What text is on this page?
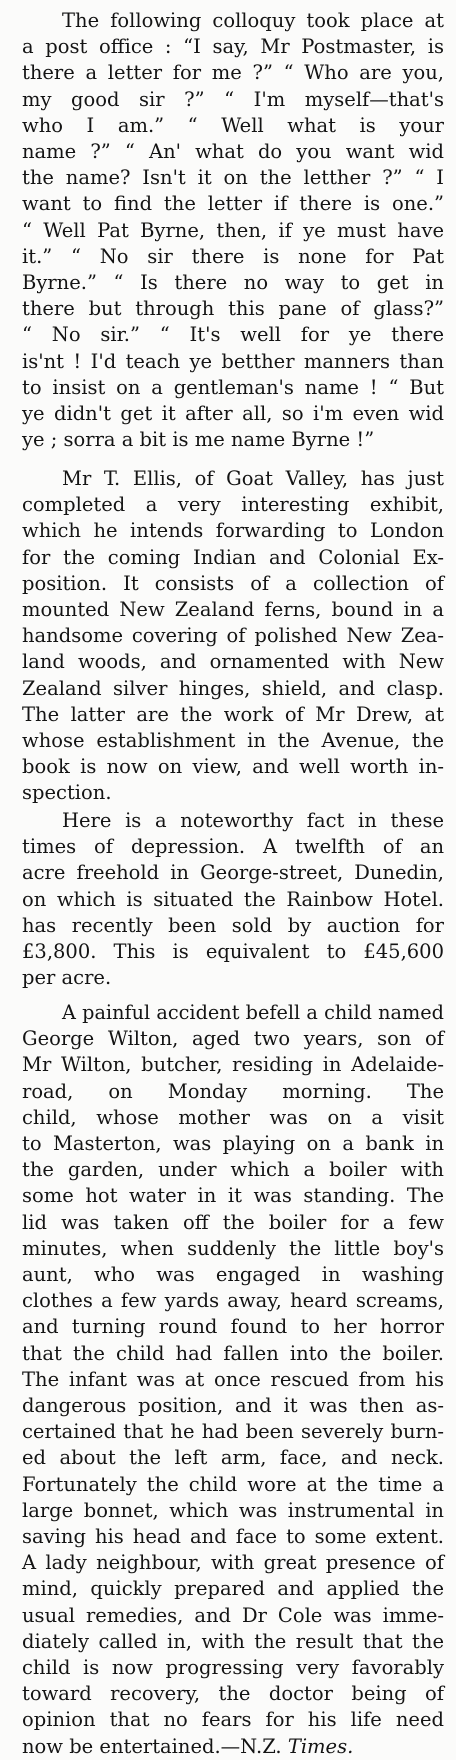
The following colloquy took place at
a post office : “I say, Mr Postmaster, is
there a letter for me ?” “ Who are you,
my good sir ?” “ I'm myself—that's
who I am.” “ Well what is your
name ?” “ An' what do you want wid
the name? Isn't it on the letther ?” “ I
want to find the letter if there is one.”
“ Well Pat Byrne, then, if ye must have
it.” “ No sir there is none for Pat
Byrne.” “ Is there no way to get in
there but through this pane of glass?”
“ No sir.” “ It's well for ye there
is'nt ! I'd teach ye betther manners than
to insist on a gentleman's name ! “ But
ye didn't get it after all, so i'm even wid
ye ; sorra a bit is me name Byrne !”
Mr T. Ellis, of Goat Valley, has just
completed a very interesting exhibit,
which he intends forwarding to London
for the coming Indian and Colonial Ex-
position. It consists of a collection of
mounted New Zealand ferns, bound in a
handsome covering of polished New Zea-
land woods, and ornamented with New
Zealand silver hinges, shield, and clasp.
The latter are the work of Mr Drew, at
whose establishment in the Avenue, the
book is now on view, and well worth in-
spection.
Here is a noteworthy fact in these
times of depression. A twelfth of an
acre freehold in George-street, Dunedin,
on which is situated the Rainbow Hotel.
has recently been sold by auction for
£3,800. This is equivalent to £45,600
per acre.
A painful accident befell a child named
George Wilton, aged two years, son of
Mr Wilton, butcher, residing in Adelaide-
road, on Monday morning. The
child, whose mother was on a visit
to Masterton, was playing on a bank in
the garden, under which a boiler with
some hot water in it was standing. The
lid was taken off the boiler for a few
minutes, when suddenly the little boy's
aunt, who was engaged in washing
clothes a few yards away, heard screams,
and turning round found to her horror
that the child had fallen into the boiler.
The infant was at once rescued from his
dangerous position, and it was then as-
certained that he had been severely burn-
ed about the left arm, face, and neck.
Fortunately the child wore at the time a
large bonnet, which was instrumental in
saving his head and face to some extent.
A lady neighbour, with great presence of
mind, quickly prepared and applied the
usual remedies, and Dr Cole was imme-
diately called in, with the result that the
child is now progressing very favorably
toward recovery, the doctor being of
opinion that no fears for his life need
now be entertained.—N.Z. Times.
